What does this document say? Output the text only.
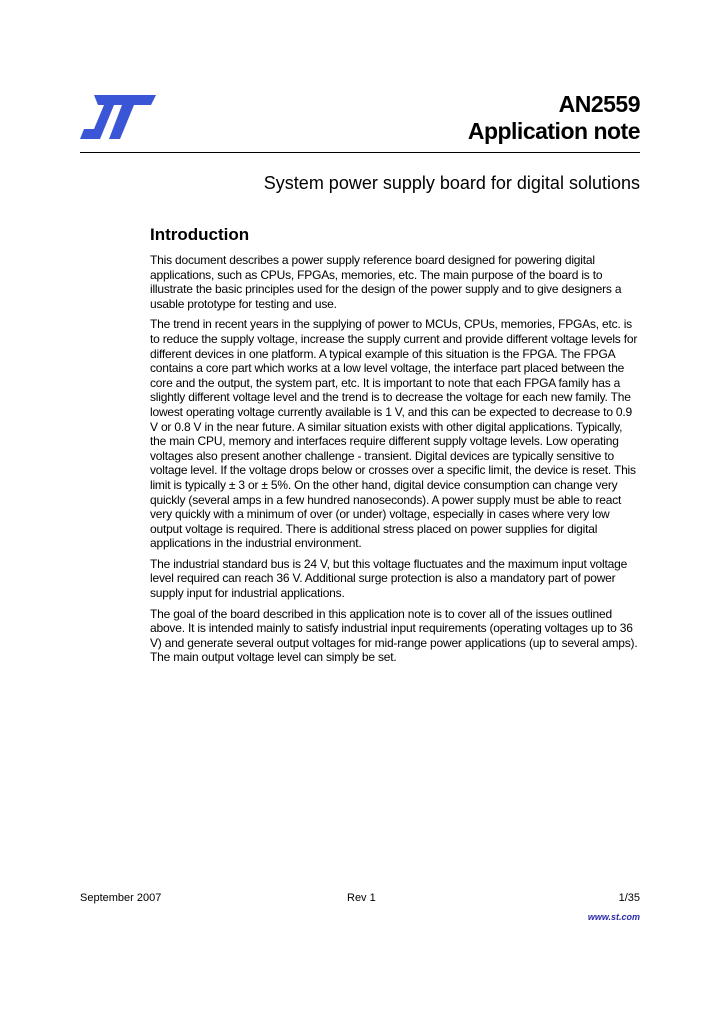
AN2559
Application note
System power supply board for digital solutions
Introduction

This document describes a power supply reference board designed for powering digital applications, such as CPUs, FPGAs, memories, etc. The main purpose of the board is to illustrate the basic principles used for the design of the power supply and to give designers a usable prototype for testing and use.

The trend in recent years in the supplying of power to MCUs, CPUs, memories, FPGAs, etc. is to reduce the supply voltage, increase the supply current and provide different voltage levels for different devices in one platform. A typical example of this situation is the FPGA. The FPGA contains a core part which works at a low level voltage, the interface part placed between the core and the output, the system part, etc. It is important to note that each FPGA family has a slightly different voltage level and the trend is to decrease the voltage for each new family. The lowest operating voltage currently available is 1 V, and this can be expected to decrease to 0.9 V or 0.8 V in the near future. A similar situation exists with other digital applications. Typically, the main CPU, memory and interfaces require different supply voltage levels. Low operating voltages also present another challenge - transient. Digital devices are typically sensitive to voltage level. If the voltage drops below or crosses over a specific limit, the device is reset. This limit is typically ± 3 or ± 5%. On the other hand, digital device consumption can change very quickly (several amps in a few hundred nanoseconds). A power supply must be able to react very quickly with a minimum of over (or under) voltage, especially in cases where very low output voltage is required. There is additional stress placed on power supplies for digital applications in the industrial environment.

The industrial standard bus is 24 V, but this voltage fluctuates and the maximum input voltage level required can reach 36 V. Additional surge protection is also a mandatory part of power supply input for industrial applications.

The goal of the board described in this application note is to cover all of the issues outlined above. It is intended mainly to satisfy industrial input requirements (operating voltages up to 36 V) and generate several output voltages for mid-range power applications (up to several amps). The main output voltage level can simply be set.

September 2007	Rev 1	1/35
www.st.com
